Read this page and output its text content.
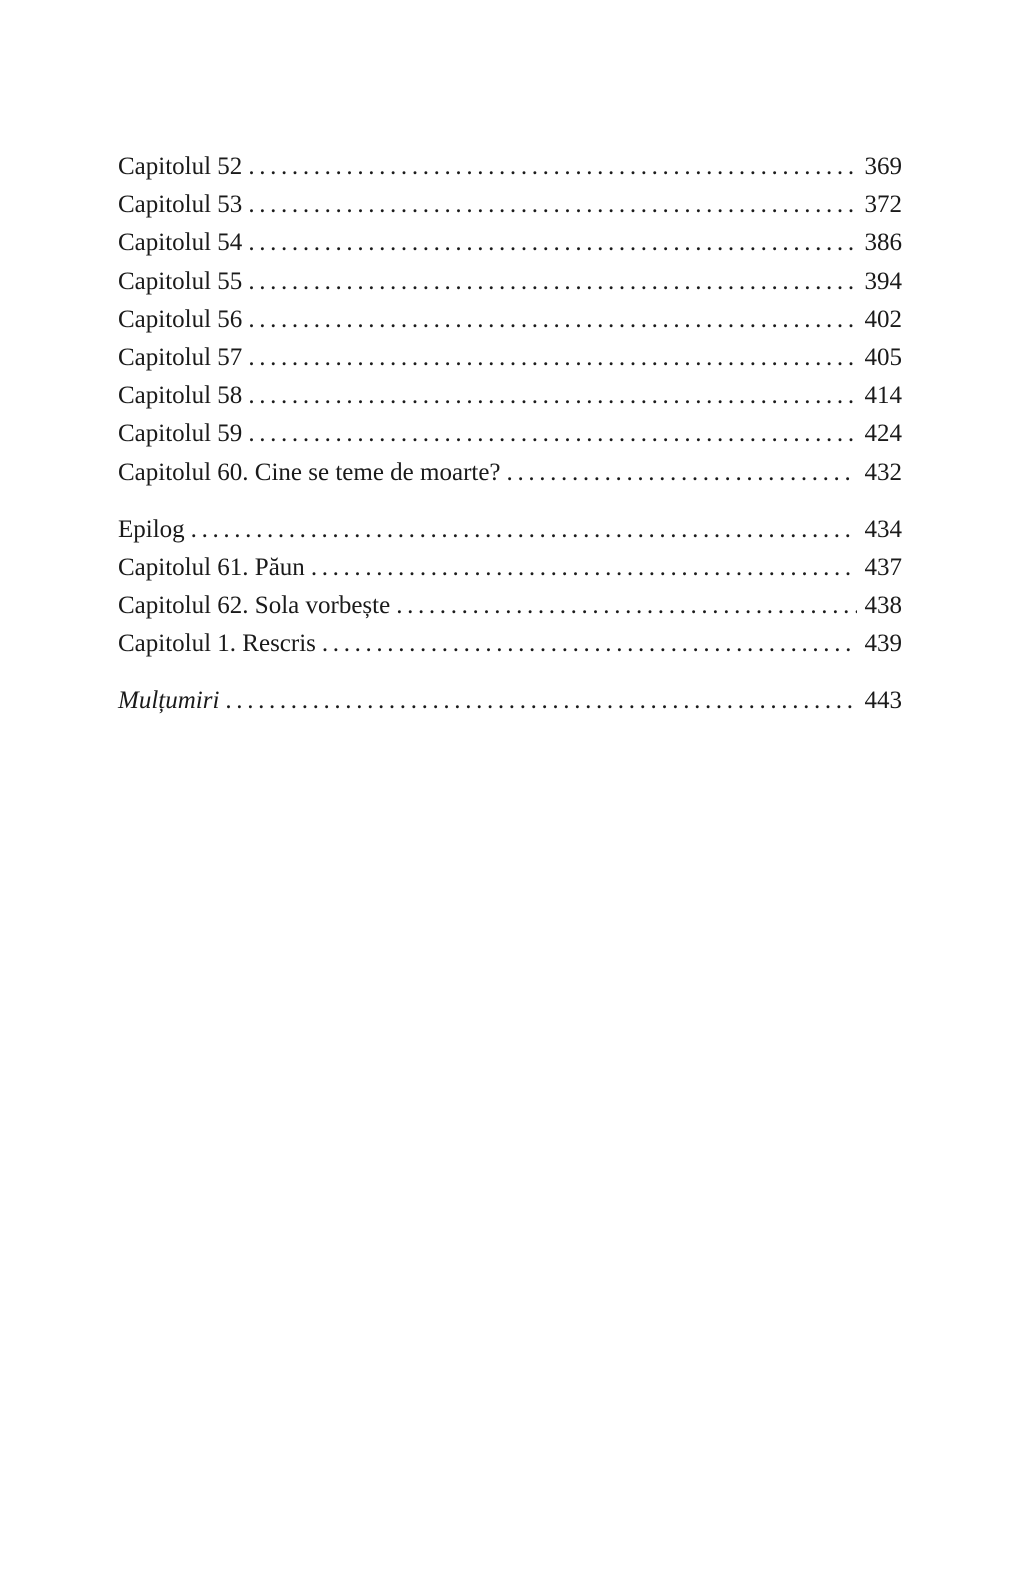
Capitolul 52 . . .	369
Capitolul 53 . . .	372
Capitolul 54 . . .	386
Capitolul 55 . . .	394
Capitolul 56 . . .	402
Capitolul 57 . . .	405
Capitolul 58 . . .	414
Capitolul 59 . . .	424
Capitolul 60. Cine se teme de moarte? . . .	432
Epilog . . .	434
Capitolul 61. Păun . . .	437
Capitolul 62. Sola vorbește . . .	438
Capitolul 1. Rescris . . .	439
Mulțumiri . . .	443
